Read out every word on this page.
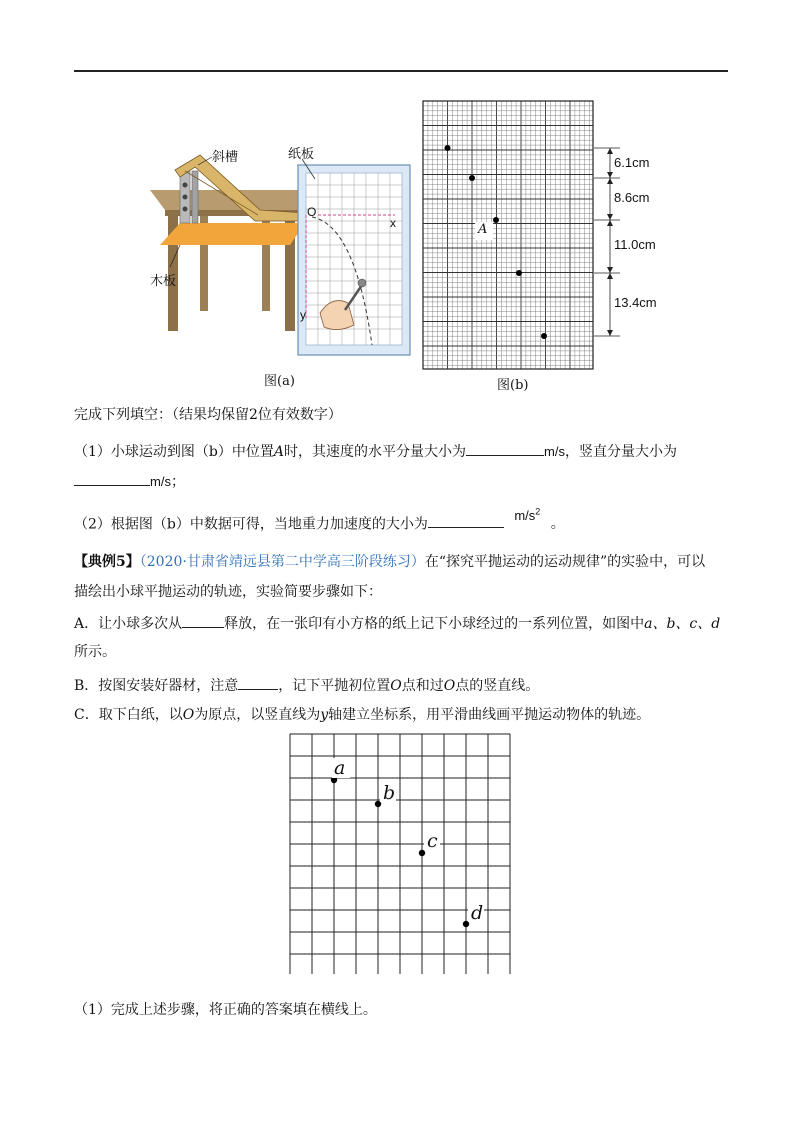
斜槽	纸板
木板
O
x
y
图(a)
A
6.1cm
8.6cm
11.0cm
13.4cm
图(b)
完成下列填空：（结果均保留2位有效数字）
（1）小球运动到图（b）中位置A时，其速度的水平分量大小为	m/s，竖直分量大小为
m/s；
（2）根据图（b）中数据可得，当地重力加速度的大小为 $m/s^2$ 。
【典例5】（2020·甘肃省靖远县第二中学高三阶段练习）在“探究平抛运动的运动规律”的实验中，可以
描绘出小球平抛运动的轨迹，实验简要步骤如下：
A．让小球多次从	释放，在一张印有小方格的纸上记下小球经过的一系列位置，如图中a、b、c、d
所示。
B．按图安装好器材，注意	，记下平抛初位置O点和过O点的竖直线。
C．取下白纸，以O为原点，以竖直线为y轴建立坐标系，用平滑曲线画平抛运动物体的轨迹。
a
b
c
d
（1）完成上述步骤，将正确的答案填在横线上。
